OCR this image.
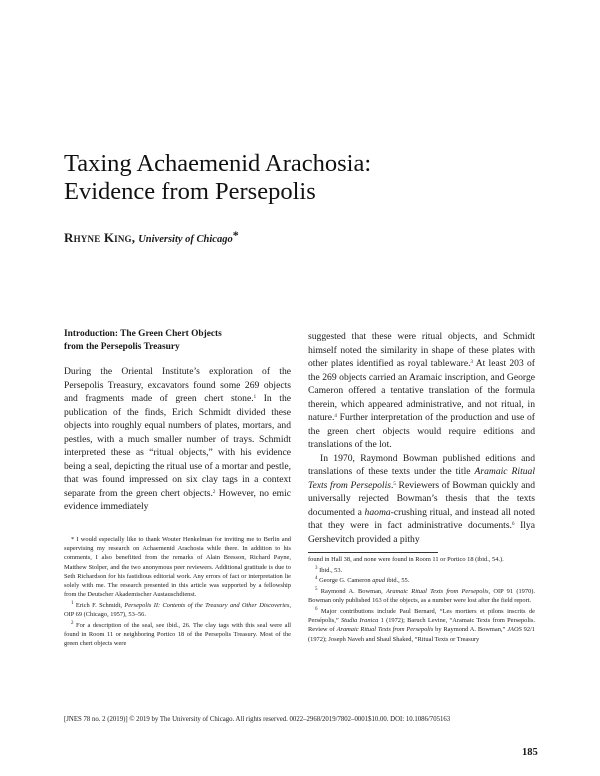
Taxing Achaemenid Arachosia:
Evidence from Persepolis
Rhyne King, University of Chicago*
Introduction: The Green Chert Objects
from the Persepolis Treasury

During the Oriental Institute’s exploration of the Persepolis Treasury, excavators found some 269 objects and fragments made of green chert stone.$^1$ In the publication of the finds, Erich Schmidt divided these objects into roughly equal numbers of plates, mortars, and pestles, with a much smaller number of trays. Schmidt interpreted these as “ritual objects,” with his evidence being a seal, depicting the ritual use of a mortar and pestle, that was found impressed on six clay tags in a context separate from the green chert objects.$^2$ However, no emic evidence immediately

suggested that these were ritual objects, and Schmidt himself noted the similarity in shape of these plates with other plates identified as royal tableware.$^3$ At least 203 of the 269 objects carried an Aramaic inscription, and George Cameron offered a tentative translation of the formula therein, which appeared administrative, and not ritual, in nature.$^4$ Further interpretation of the production and use of the green chert objects would require editions and translations of the lot.

In 1970, Raymond Bowman published editions and translations of these texts under the title Aramaic Ritual Texts from Persepolis.$^5$ Reviewers of Bowman quickly and universally rejected Bowman’s thesis that the texts documented a haoma-crushing ritual, and instead all noted that they were in fact administrative documents.$^6$ Ilya Gershevitch provided a pithy

* I would especially like to thank Wouter Henkelman for inviting me to Berlin and supervising my research on Achaemenid Arachosia while there. In addition to his comments, I also benefitted from the remarks of Alain Bresson, Richard Payne, Matthew Stolper, and the two anonymous peer reviewers. Additional gratitude is due to Seth Richardson for his fastidious editorial work. Any errors of fact or interpretation lie solely with me. The research presented in this article was supported by a fellowship from the Deutscher Akademischer Austauschdienst.

$^1$ Erich F. Schmidt, Persepolis II: Contents of the Treasury and Other Discoveries, OIP 69 (Chicago, 1957), 53–56.

$^2$ For a description of the seal, see ibid., 26. The clay tags with this seal were all found in Room 11 or neighboring Portico 18 of the Persepolis Treasury. Most of the green chert objects were

found in Hall 38, and none were found in Room 11 or Portico 18 (ibid., 54.).

$^3$ Ibid., 53.

$^4$ George G. Cameron apud ibid., 55.

$^5$ Raymond A. Bowman, Aramaic Ritual Texts from Persepolis, OIP 91 (1970). Bowman only published 163 of the objects, as a number were lost after the field report.

$^6$ Major contributions include Paul Bernard, “Les mortiers et pilons inscrits de Persépolis,” Studia Iranica 1 (1972); Baruch Levine, “Aramaic Texts from Persepolis. Review of Aramaic Ritual Texts from Persepolis by Raymond A. Bowman,” JAOS 92/1 (1972); Joseph Naveh and Shaul Shaked, “Ritual Texts or Treasury

[JNES 78 no. 2 (2019)] © 2019 by The University of Chicago. All rights reserved. 0022–2968/2019/7802–0001$10.00. DOI: 10.1086/705163
185
